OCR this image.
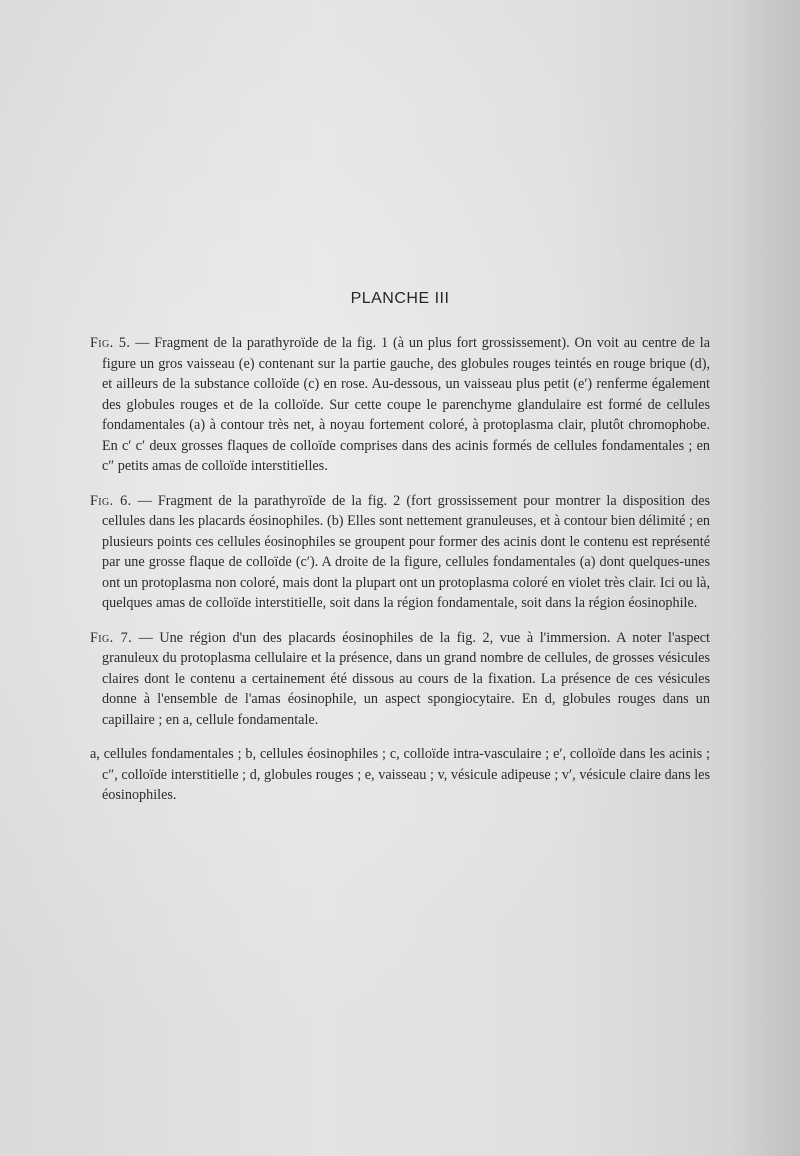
PLANCHE III

Fig. 5. — Fragment de la parathyroïde de la fig. 1 (à un plus fort grossissement). On voit au centre de la figure un gros vaisseau (e) contenant sur la partie gauche, des globules rouges teintés en rouge brique (d), et ailleurs de la substance colloïde (c) en rose. Au-dessous, un vaisseau plus petit (e′) renferme également des globules rouges et de la colloïde. Sur cette coupe le parenchyme glandulaire est formé de cellules fondamentales (a) à contour très net, à noyau fortement coloré, à protoplasma clair, plutôt chromophobe. En c′ c′ deux grosses flaques de colloïde comprises dans des acinis formés de cellules fondamentales ; en c″ petits amas de colloïde interstitielles.

Fig. 6. — Fragment de la parathyroïde de la fig. 2 (fort grossissement pour montrer la disposition des cellules dans les placards éosinophiles. (b) Elles sont nettement granuleuses, et à contour bien délimité ; en plusieurs points ces cellules éosinophiles se groupent pour former des acinis dont le contenu est représenté par une grosse flaque de colloïde (c′). A droite de la figure, cellules fondamentales (a) dont quelques-unes ont un protoplasma non coloré, mais dont la plupart ont un protoplasma coloré en violet très clair. Ici ou là, quelques amas de colloïde interstitielle, soit dans la région fondamentale, soit dans la région éosinophile.

Fig. 7. — Une région d'un des placards éosinophiles de la fig. 2, vue à l'immersion. A noter l'aspect granuleux du protoplasma cellulaire et la présence, dans un grand nombre de cellules, de grosses vésicules claires dont le contenu a certainement été dissous au cours de la fixation. La présence de ces vésicules donne à l'ensemble de l'amas éosinophile, un aspect spongiocytaire. En d, globules rouges dans un capillaire ; en a, cellule fondamentale.

a, cellules fondamentales ; b, cellules éosinophiles ; c, colloïde intra-vasculaire ; e′, colloïde dans les acinis ; c″, colloïde interstitielle ; d, globules rouges ; e, vaisseau ; v, vésicule adipeuse ; v′, vésicule claire dans les éosinophiles.
